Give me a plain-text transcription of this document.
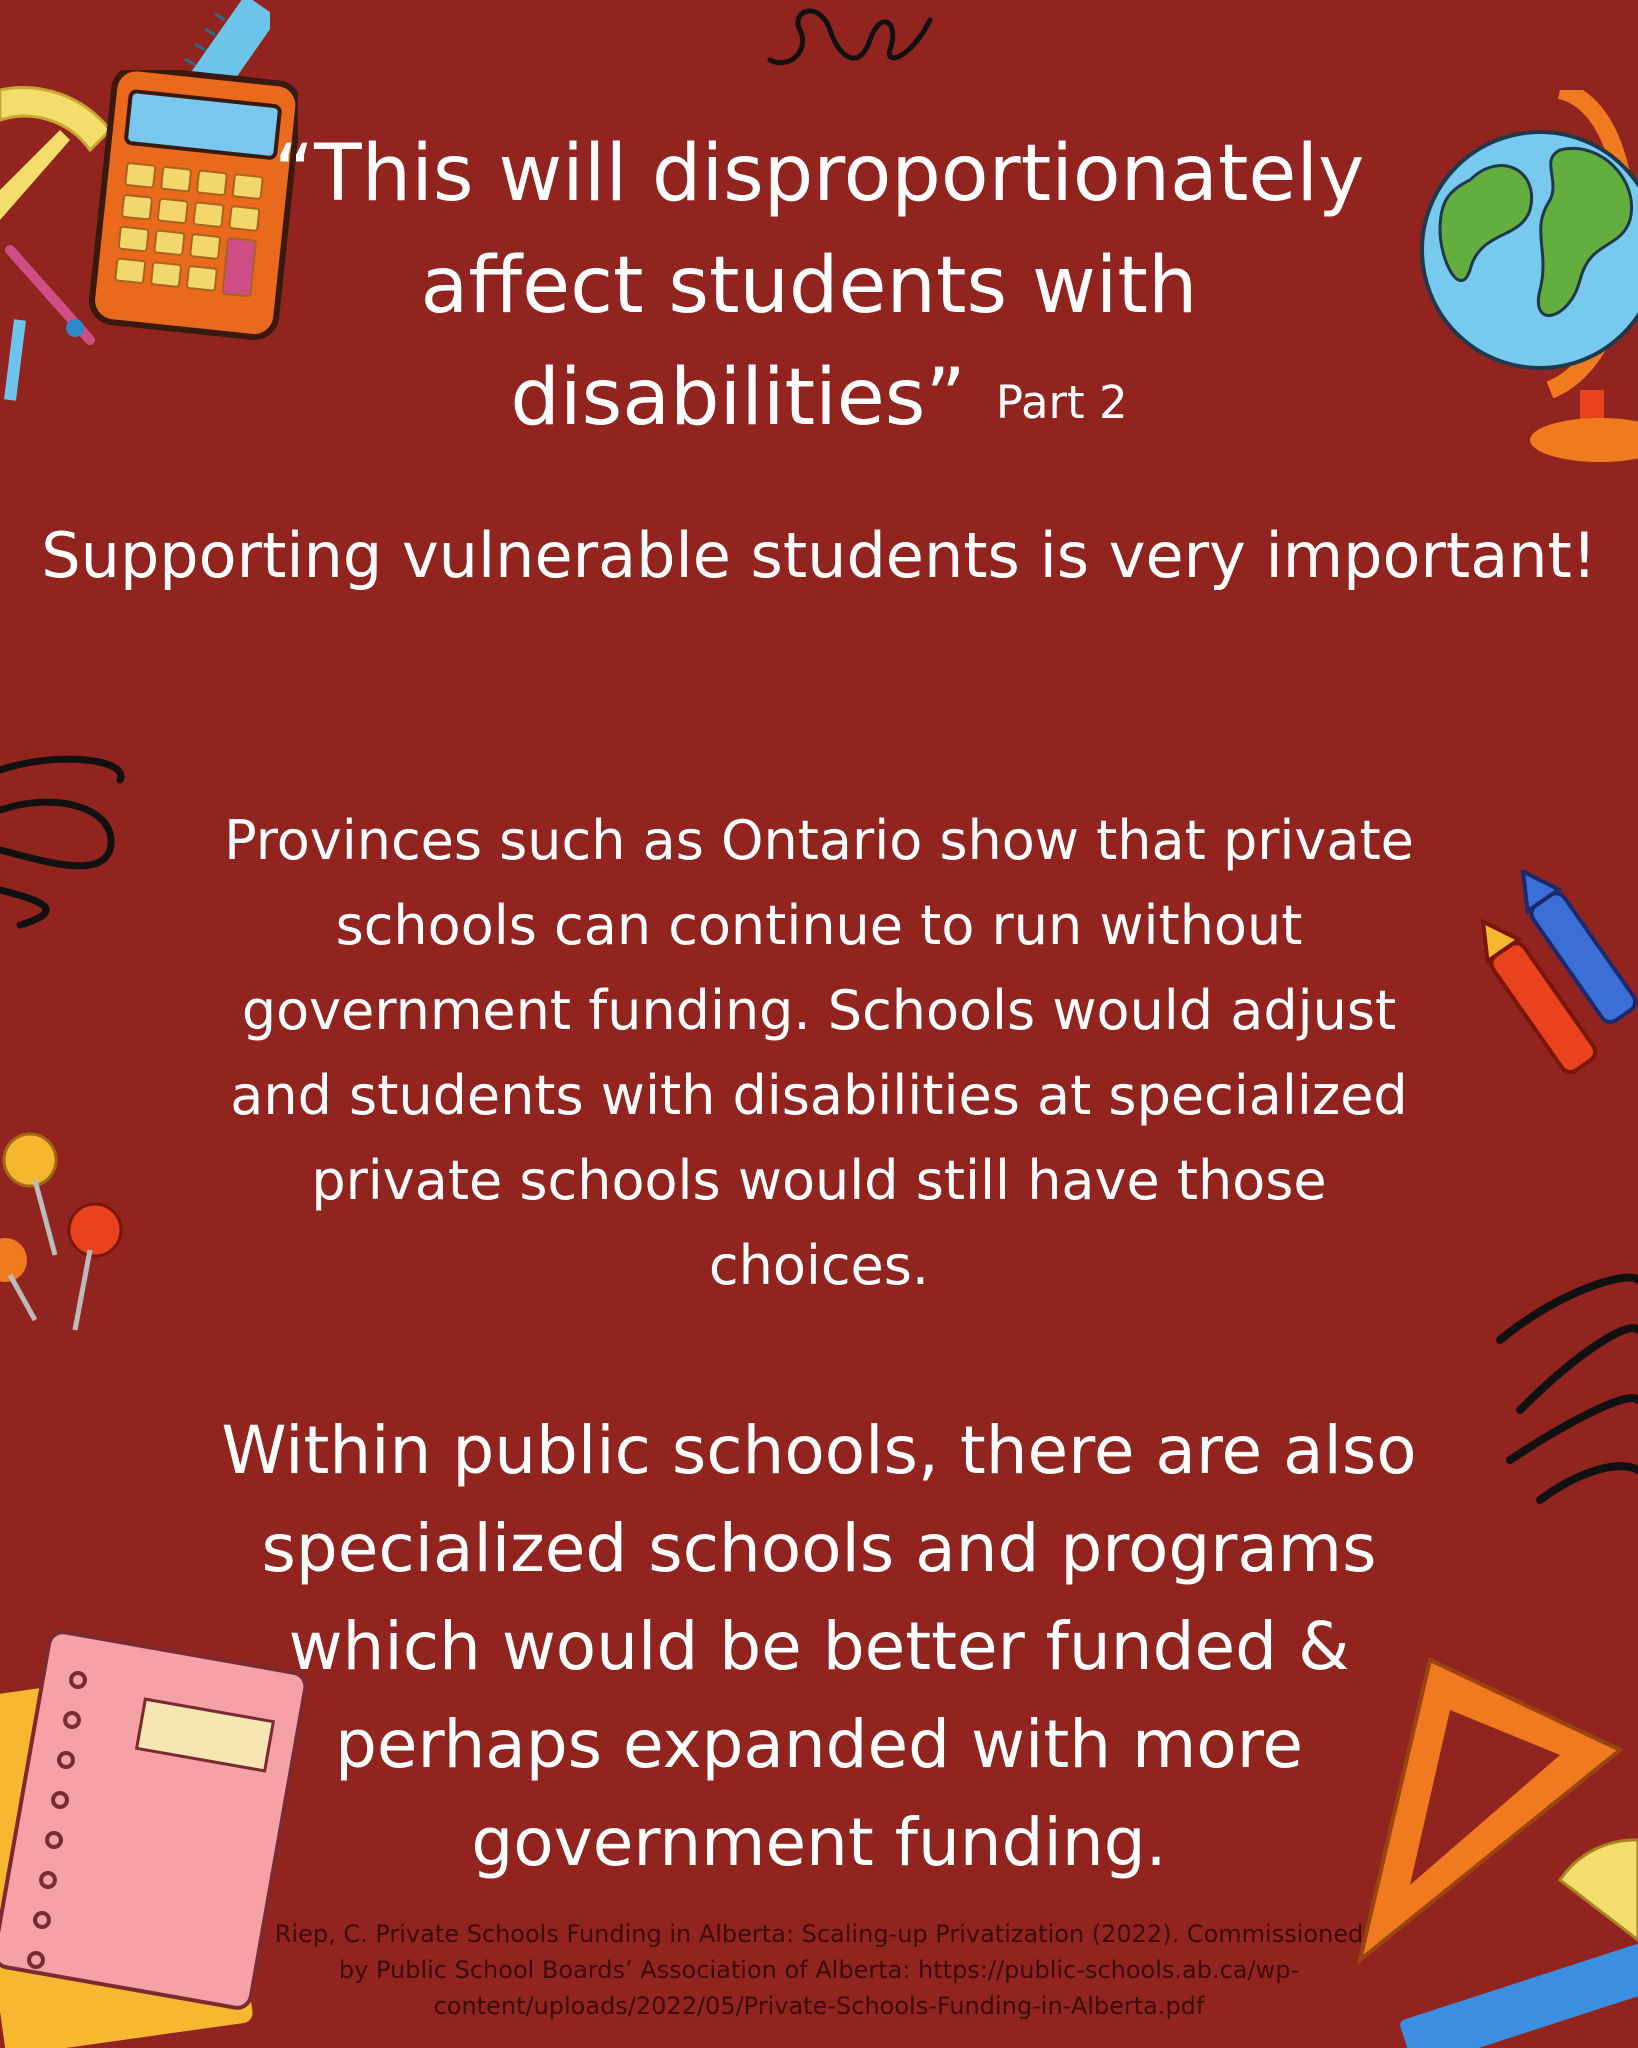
“This will disproportionately
affect students with
disabilities” Part 2
Supporting vulnerable students is very important!
Provinces such as Ontario show that private schools can continue to run without government funding. Schools would adjust and students with disabilities at specialized private schools would still have those choices.
Within public schools, there are also specialized schools and programs which would be better funded & perhaps expanded with more government funding.
Riep, C. Private Schools Funding in Alberta: Scaling-up Privatization (2022). Commissioned by Public School Boards’ Association of Alberta: https://public-schools.ab.ca/wp-content/uploads/2022/05/Private-Schools-Funding-in-Alberta.pdf
